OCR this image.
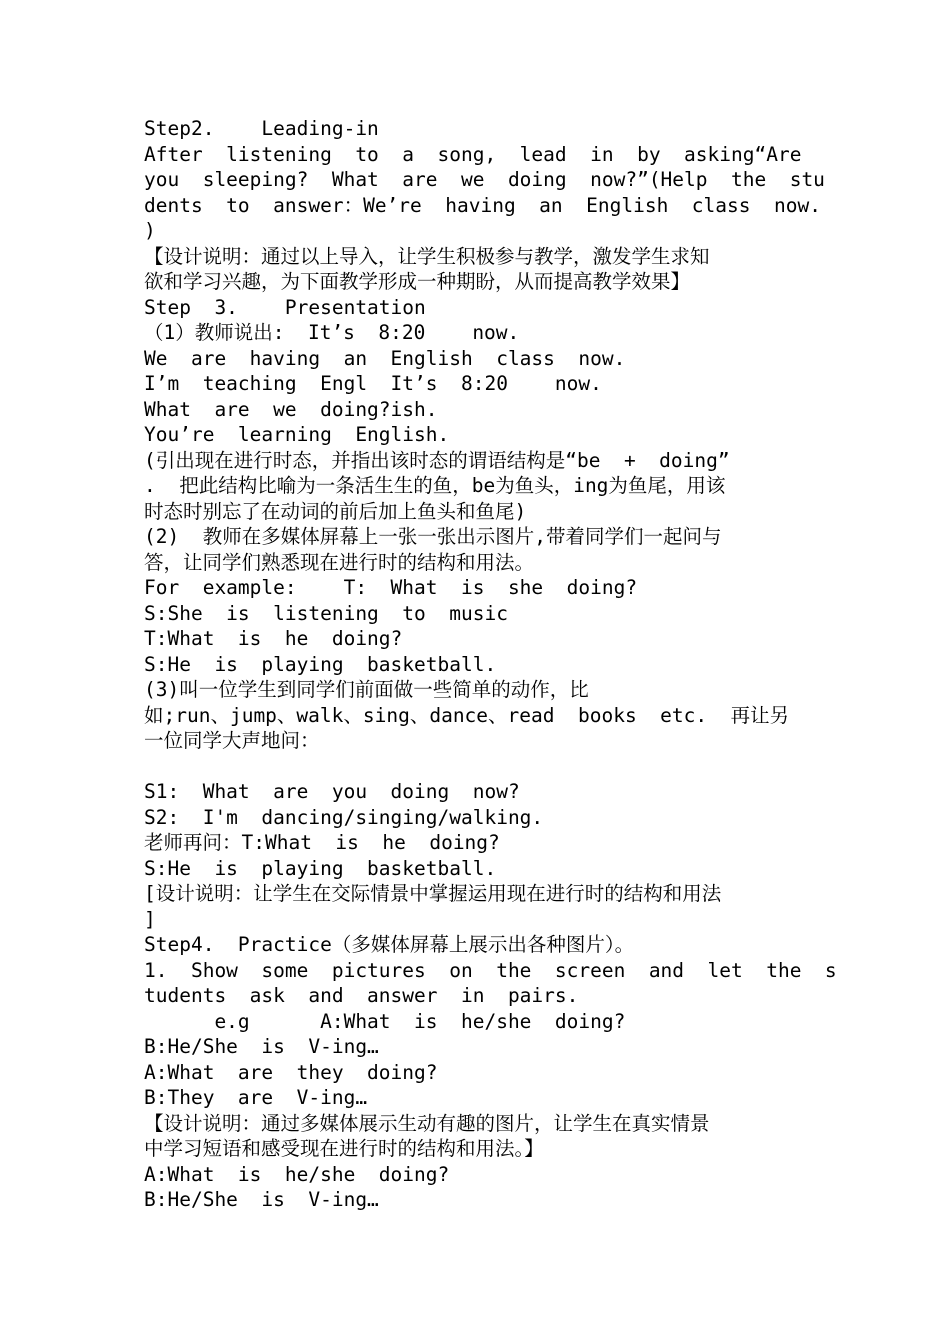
Step2.    Leading-in
After  listening  to  a  song,  lead  in  by  asking“Are
you  sleeping?  What  are  we  doing  now?”(Help  the  stu
dents  to  answer：We’re  having  an  English  class  now.
)
【设计说明：通过以上导入，让学生积极参与教学，激发学生求知
欲和学习兴趣，为下面教学形成一种期盼，从而提高教学效果】
Step  3.    Presentation
（1）教师说出:  It’s  8:20    now.
We  are  having  an  English  class  now.
I’m  teaching  Engl  It’s  8:20    now.
What  are  we  doing?ish.
You’re  learning  English.
(引出现在进行时态，并指出该时态的谓语结构是“be  +  doing”
.  把此结构比喻为一条活生生的鱼，be为鱼头，ing为鱼尾，用该
时态时别忘了在动词的前后加上鱼头和鱼尾)
(2)  教师在多媒体屏幕上一张一张出示图片,带着同学们一起问与
答，让同学们熟悉现在进行时的结构和用法。
For  example:    T:  What  is  she  doing?
S:She  is  listening  to  music
T:What  is  he  doing?
S:He  is  playing  basketball.
(3)叫一位学生到同学们前面做一些简单的动作，比
如;run、jump、walk、sing、dance、read  books  etc.  再让另
一位同学大声地问：
S1:  What  are  you  doing  now?
S2:  I'm  dancing/singing/walking.
老师再问：T:What  is  he  doing?
S:He  is  playing  basketball.
[设计说明：让学生在交际情景中掌握运用现在进行时的结构和用法
]
Step4.  Practice（多媒体屏幕上展示出各种图片）。
1.  Show  some  pictures  on  the  screen  and  let  the  s
tudents  ask  and  answer  in  pairs.
e.g      A:What  is  he/she  doing?
B:He/She  is  V-ing…
A:What  are  they  doing?
B:They  are  V-ing…
【设计说明：通过多媒体展示生动有趣的图片，让学生在真实情景
中学习短语和感受现在进行时的结构和用法。】
A:What  is  he/she  doing?
B:He/She  is  V-ing…
